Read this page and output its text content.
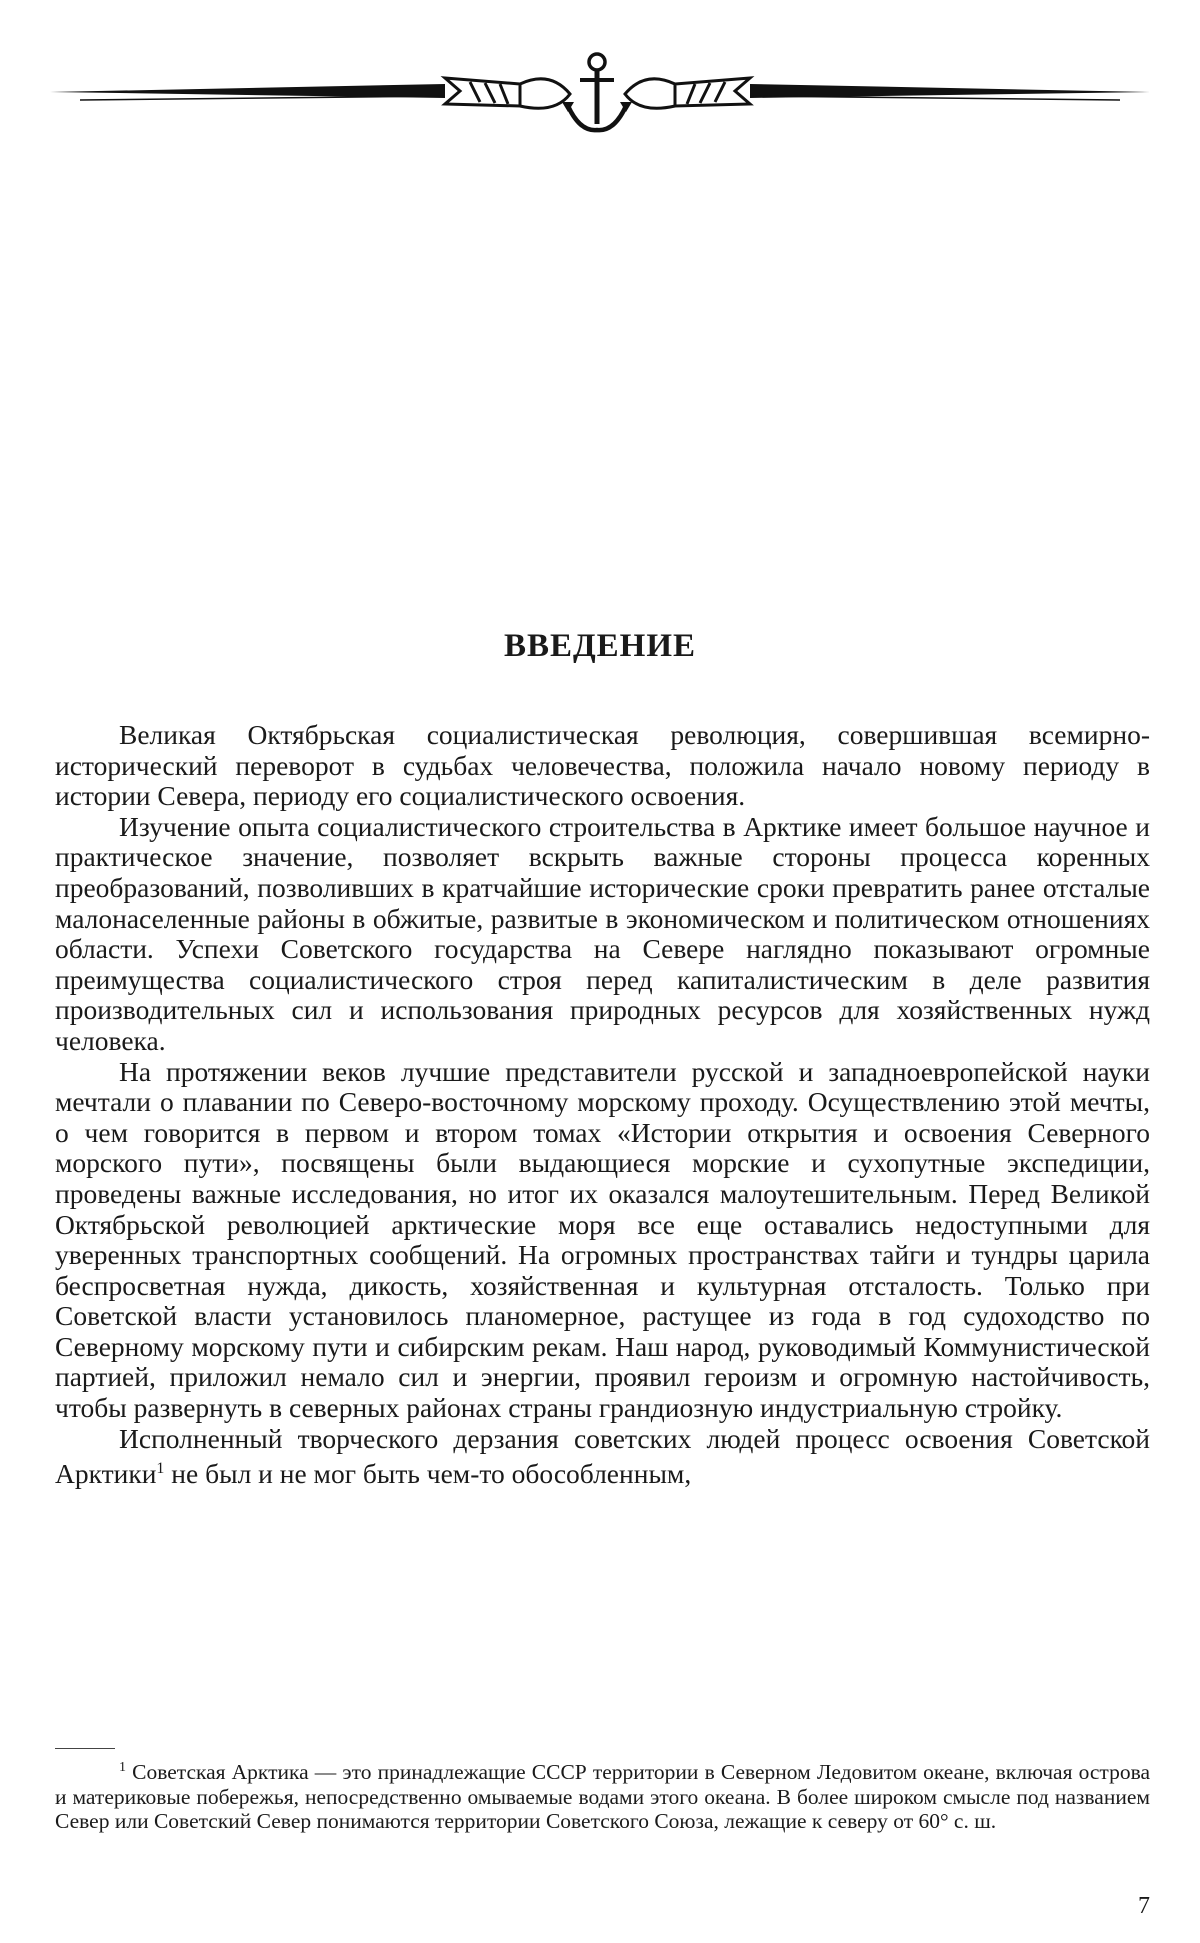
ВВЕДЕНИЕ

Великая Октябрьская социалистическая революция, совершившая всемирно-исторический переворот в судьбах человечества, положила начало новому периоду в истории Севера, периоду его социалистического освоения.

Изучение опыта социалистического строительства в Арктике имеет большое научное и практическое значение, позволяет вскрыть важные стороны процесса коренных преобразований, позволивших в кратчайшие исторические сроки превратить ранее отсталые малонаселенные районы в обжитые, развитые в экономическом и политическом отношениях области. Успехи Советского государства на Севере наглядно показывают огромные преимущества социалистического строя перед капиталистическим в деле развития производительных сил и использования природных ресурсов для хозяйственных нужд человека.

На протяжении веков лучшие представители русской и западноевропейской науки мечтали о плавании по Северо-восточному морскому проходу. Осуществлению этой мечты, о чем говорится в первом и втором томах «Истории открытия и освоения Северного морского пути», посвящены были выдающиеся морские и сухопутные экспедиции, проведены важные исследования, но итог их оказался малоутешительным. Перед Великой Октябрьской революцией арктические моря все еще оставались недоступными для уверенных транспортных сообщений. На огромных пространствах тайги и тундры царила беспросветная нужда, дикость, хозяйственная и культурная отсталость. Только при Советской власти установилось планомерное, растущее из года в год судоходство по Северному морскому пути и сибирским рекам. Наш народ, руководимый Коммунистической партией, приложил немало сил и энергии, проявил героизм и огромную настойчивость, чтобы развернуть в северных районах страны грандиозную индустриальную стройку.

Исполненный творческого дерзания советских людей процесс освоения Советской Арктики$^1$ не был и не мог быть чем-то обособленным,

$^1$ Советская Арктика — это принадлежащие СССР территории в Северном Ледовитом океане, включая острова и материковые побережья, непосредственно омываемые водами этого океана. В более широком смысле под названием Север или Советский Север понимаются территории Советского Союза, лежащие к северу от 60° с. ш.

7
